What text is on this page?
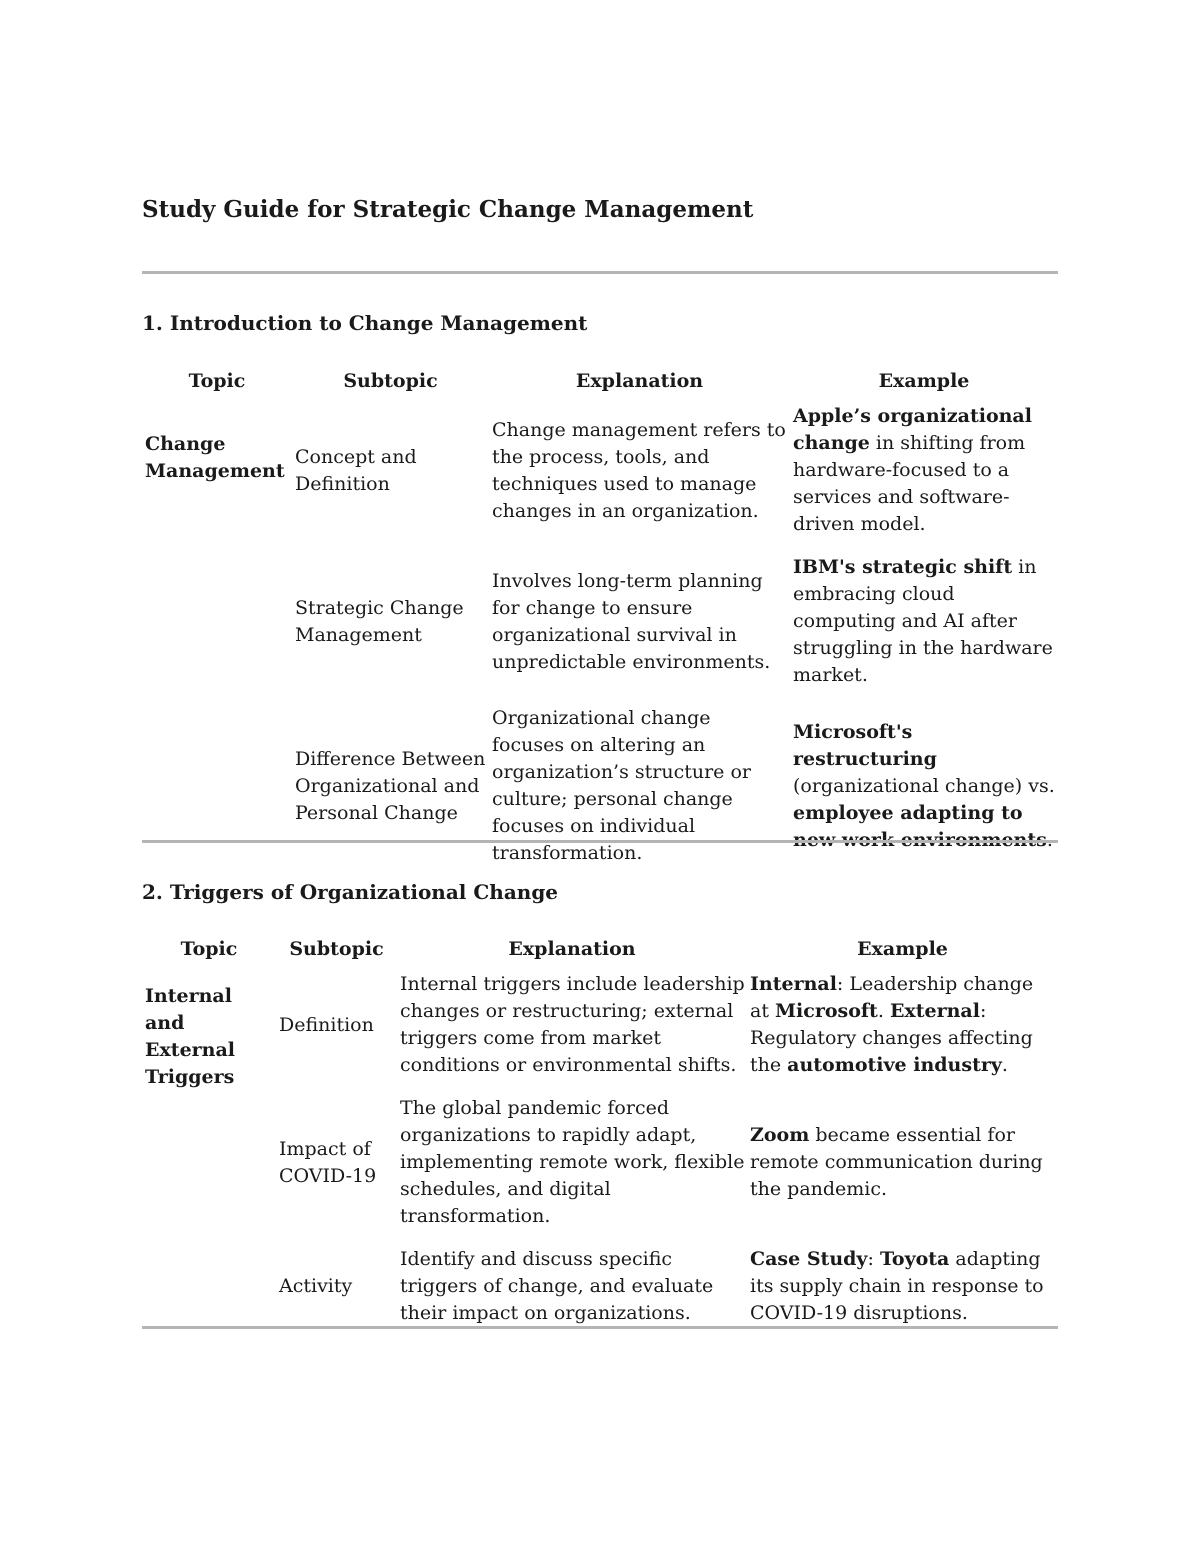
Study Guide for Strategic Change Management
1. Introduction to Change Management
Topic	Subtopic	Explanation	Example
Change Management	Concept and Definition	Change management refers to the process, tools, and techniques used to manage changes in an organization.	Apple’s organizational change in shifting from hardware-focused to a services and software-driven model.
	Strategic Change Management	Involves long-term planning for change to ensure organizational survival in unpredictable environments.	IBM's strategic shift in embracing cloud computing and AI after struggling in the hardware market.
	Difference Between Organizational and Personal Change	Organizational change focuses on altering an organization’s structure or culture; personal change focuses on individual transformation.	Microsoft's restructuring (organizational change) vs. employee adapting to new work environments.
2. Triggers of Organizational Change
Topic	Subtopic	Explanation	Example
Internal and External Triggers	Definition	Internal triggers include leadership changes or restructuring; external triggers come from market conditions or environmental shifts.	Internal: Leadership change at Microsoft. External: Regulatory changes affecting the automotive industry.
	Impact of COVID-19	The global pandemic forced organizations to rapidly adapt, implementing remote work, flexible schedules, and digital transformation.	Zoom became essential for remote communication during the pandemic.
	Activity	Identify and discuss specific triggers of change, and evaluate their impact on organizations.	Case Study: Toyota adapting its supply chain in response to COVID-19 disruptions.
